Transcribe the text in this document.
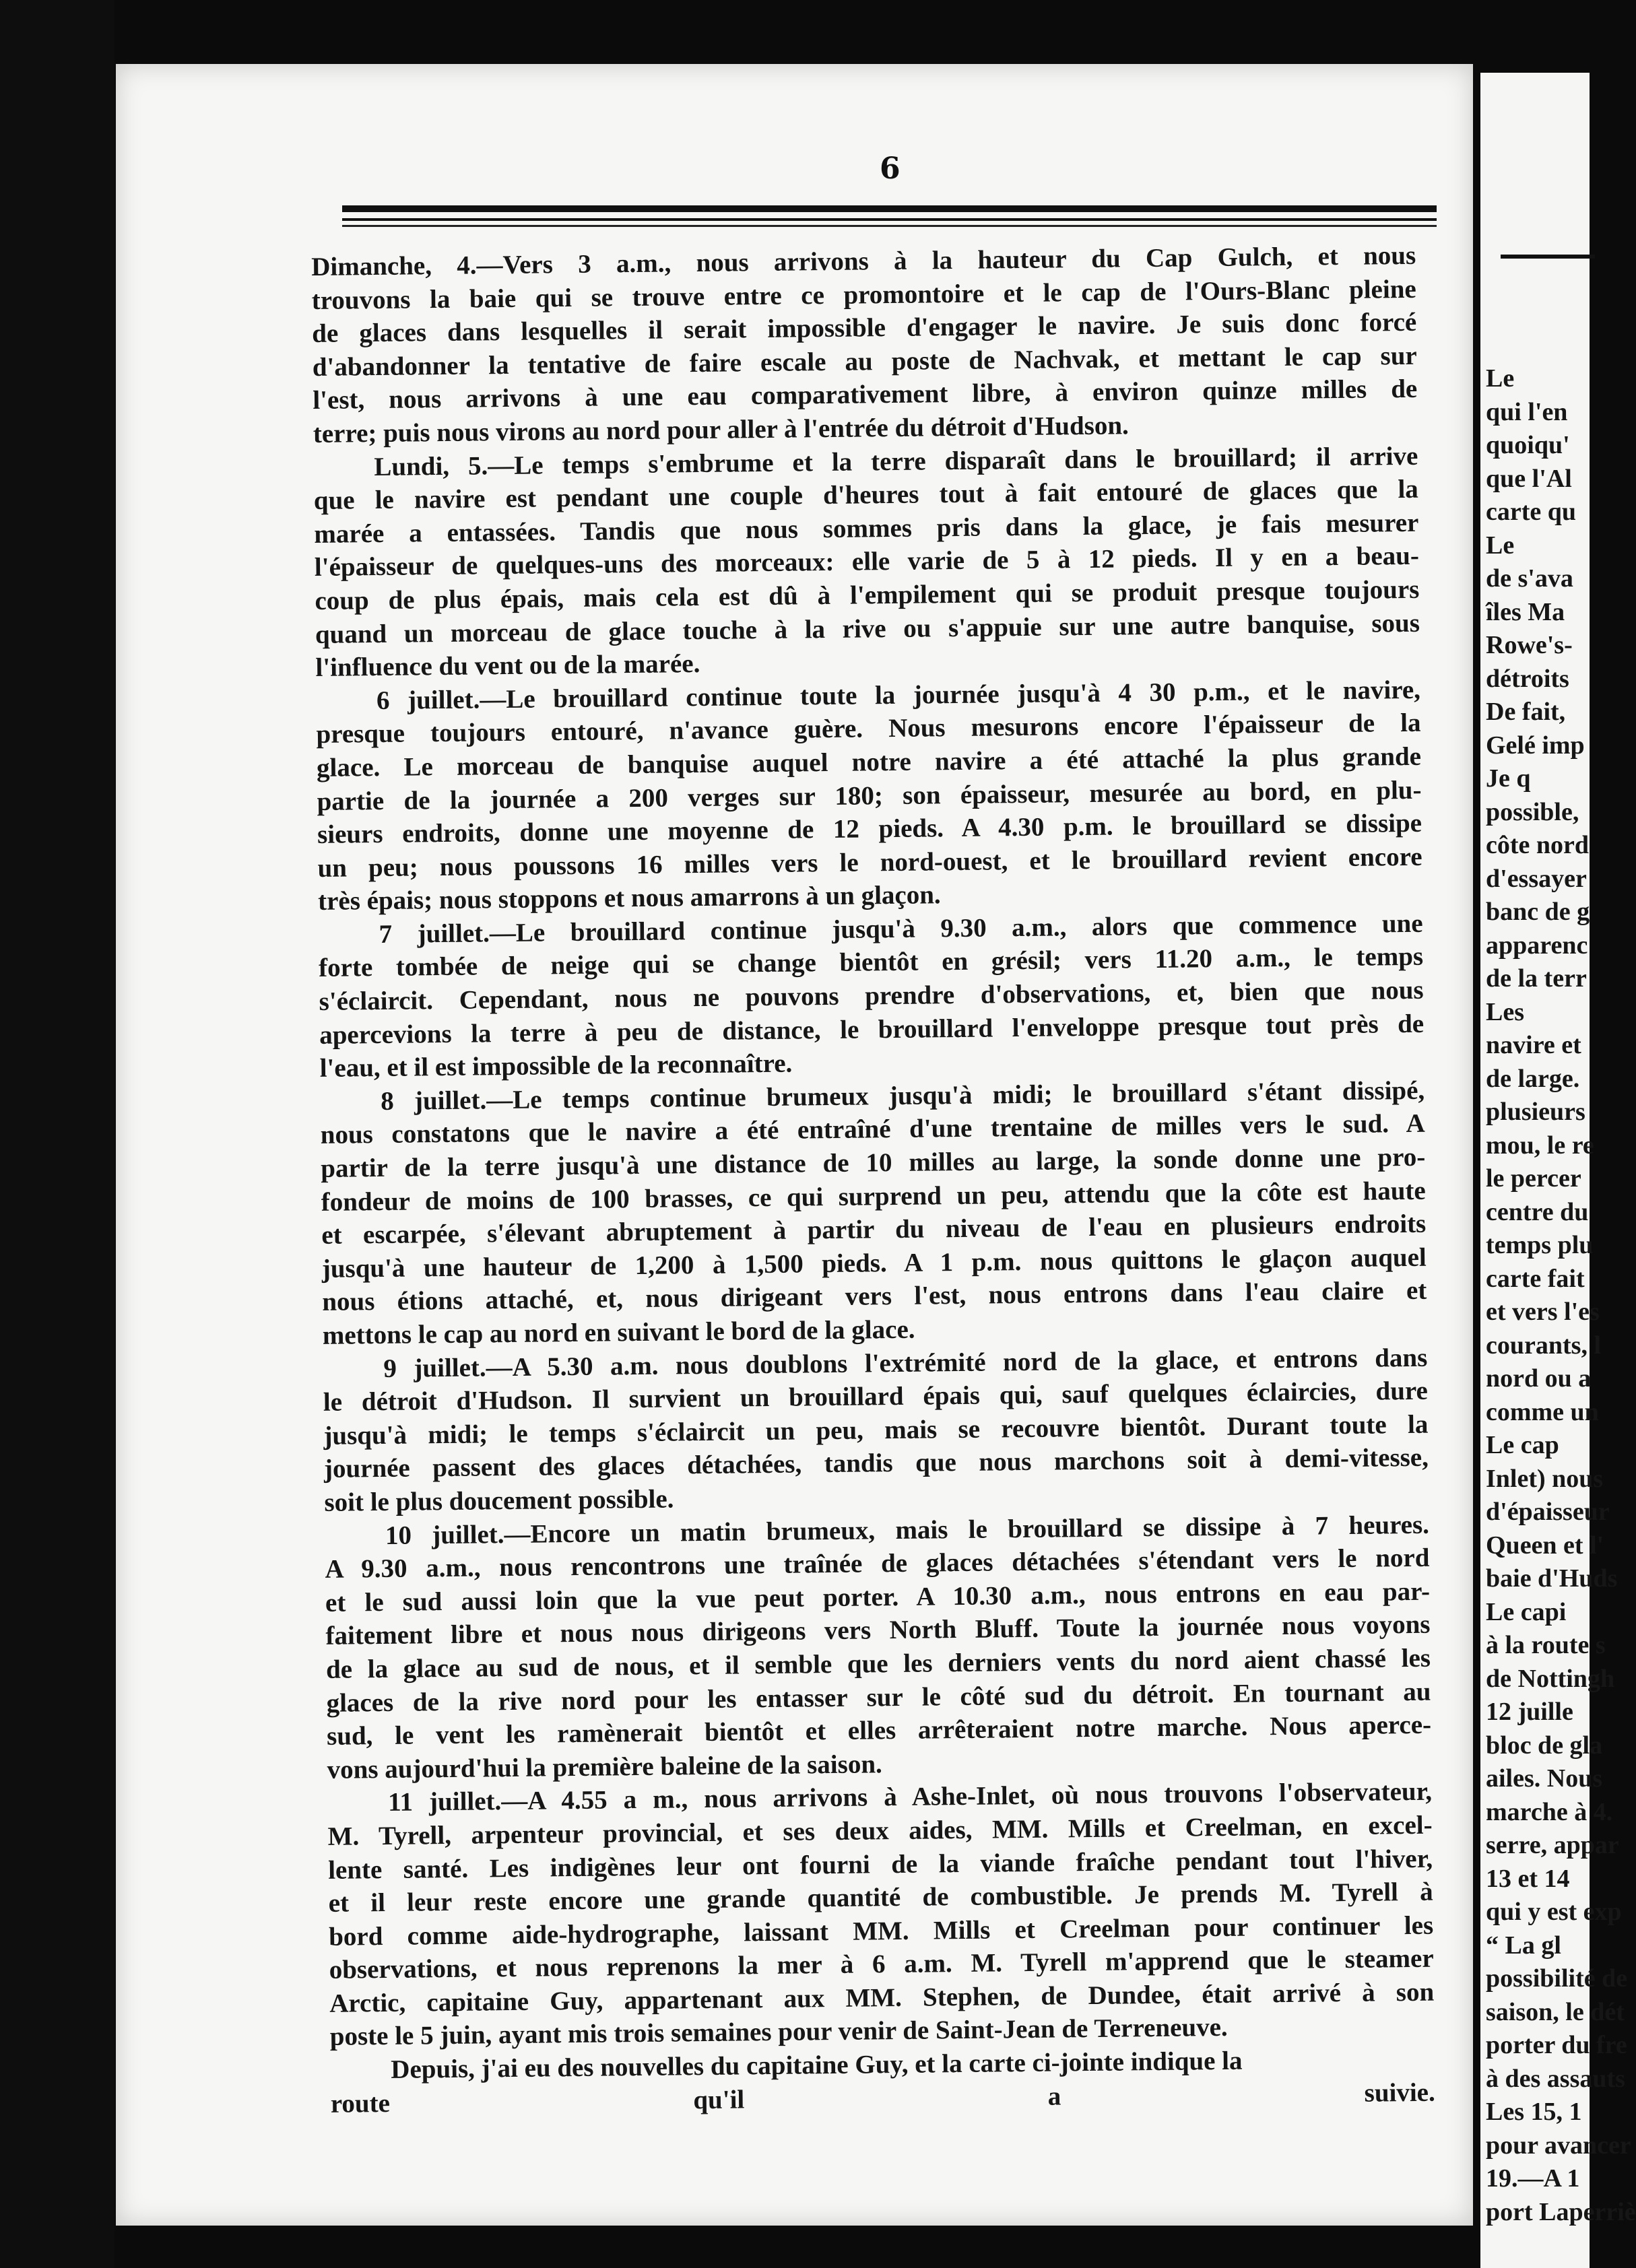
6
Dimanche, 4.—Vers 3 a.m., nous arrivons à la hauteur du Cap Gulch, et nous
trouvons la baie qui se trouve entre ce promontoire et le cap de l'Ours-Blanc pleine
de glaces dans lesquelles il serait impossible d'engager le navire. Je suis donc forcé
d'abandonner la tentative de faire escale au poste de Nachvak, et mettant le cap sur
l'est, nous arrivons à une eau comparativement libre, à environ quinze milles de
terre; puis nous virons au nord pour aller à l'entrée du détroit d'Hudson.
Lundi, 5.—Le temps s'embrume et la terre disparaît dans le brouillard; il arrive
que le navire est pendant une couple d'heures tout à fait entouré de glaces que la
marée a entassées. Tandis que nous sommes pris dans la glace, je fais mesurer
l'épaisseur de quelques-uns des morceaux: elle varie de 5 à 12 pieds. Il y en a beau-
coup de plus épais, mais cela est dû à l'empilement qui se produit presque toujours
quand un morceau de glace touche à la rive ou s'appuie sur une autre banquise, sous
l'influence du vent ou de la marée.
6 juillet.—Le brouillard continue toute la journée jusqu'à 4 30 p.m., et le navire,
presque toujours entouré, n'avance guère. Nous mesurons encore l'épaisseur de la
glace. Le morceau de banquise auquel notre navire a été attaché la plus grande
partie de la journée a 200 verges sur 180; son épaisseur, mesurée au bord, en plu-
sieurs endroits, donne une moyenne de 12 pieds. A 4.30 p.m. le brouillard se dissipe
un peu; nous poussons 16 milles vers le nord-ouest, et le brouillard revient encore
très épais; nous stoppons et nous amarrons à un glaçon.
7 juillet.—Le brouillard continue jusqu'à 9.30 a.m., alors que commence une
forte tombée de neige qui se change bientôt en grésil; vers 11.20 a.m., le temps
s'éclaircit. Cependant, nous ne pouvons prendre d'observations, et, bien que nous
apercevions la terre à peu de distance, le brouillard l'enveloppe presque tout près de
l'eau, et il est impossible de la reconnaître.
8 juillet.—Le temps continue brumeux jusqu'à midi; le brouillard s'étant dissipé,
nous constatons que le navire a été entraîné d'une trentaine de milles vers le sud. A
partir de la terre jusqu'à une distance de 10 milles au large, la sonde donne une pro-
fondeur de moins de 100 brasses, ce qui surprend un peu, attendu que la côte est haute
et escarpée, s'élevant abruptement à partir du niveau de l'eau en plusieurs endroits
jusqu'à une hauteur de 1,200 à 1,500 pieds. A 1 p.m. nous quittons le glaçon auquel
nous étions attaché, et, nous dirigeant vers l'est, nous entrons dans l'eau claire et
mettons le cap au nord en suivant le bord de la glace.
9 juillet.—A 5.30 a.m. nous doublons l'extrémité nord de la glace, et entrons dans
le détroit d'Hudson. Il survient un brouillard épais qui, sauf quelques éclaircies, dure
jusqu'à midi; le temps s'éclaircit un peu, mais se recouvre bientôt. Durant toute la
journée passent des glaces détachées, tandis que nous marchons soit à demi-vitesse,
soit le plus doucement possible.
10 juillet.—Encore un matin brumeux, mais le brouillard se dissipe à 7 heures.
A 9.30 a.m., nous rencontrons une traînée de glaces détachées s'étendant vers le nord
et le sud aussi loin que la vue peut porter. A 10.30 a.m., nous entrons en eau par-
faitement libre et nous nous dirigeons vers North Bluff. Toute la journée nous voyons
de la glace au sud de nous, et il semble que les derniers vents du nord aient chassé les
glaces de la rive nord pour les entasser sur le côté sud du détroit. En tournant au
sud, le vent les ramènerait bientôt et elles arrêteraient notre marche. Nous aperce-
vons aujourd'hui la première baleine de la saison.
11 juillet.—A 4.55 a m., nous arrivons à Ashe-Inlet, où nous trouvons l'observateur,
M. Tyrell, arpenteur provincial, et ses deux aides, MM. Mills et Creelman, en excel-
lente santé. Les indigènes leur ont fourni de la viande fraîche pendant tout l'hiver,
et il leur reste encore une grande quantité de combustible. Je prends M. Tyrell à
bord comme aide-hydrographe, laissant MM. Mills et Creelman pour continuer les
observations, et nous reprenons la mer à 6 a.m. M. Tyrell m'apprend que le steamer
Arctic, capitaine Guy, appartenant aux MM. Stephen, de Dundee, était arrivé à son
poste le 5 juin, ayant mis trois semaines pour venir de Saint-Jean de Terreneuve.
Depuis, j'ai eu des nouvelles du capitaine Guy, et la carte ci-jointe indique la
route qu'il a suivie.
Le
qui l'en
quoiqu'
que l'Al
carte qu
Le
de s'ava
îles Ma
Rowe's-
détroits
De fait,
Gelé imp
Je q
possible,
côte nord
d'essayer
banc de g
apparenc
de la terr
Les
navire et
de large.
plusieurs
mou, le re
le percer
centre du
temps plu
carte fait
et vers l'es
courants, l
nord ou a
comme un
Le cap
Inlet) nous
d'épaisseur
Queen et l'
baie d'Huds
Le capi
à la route s
de Nottingh
12 juille
bloc de gla
ailes. Nous
marche à 4.
serre, appar
13 et 14
qui y est exp
“ La gl
possibilité de
saison, le dét
porter du fre
à des assauts
Les 15, 1
pour avancer
19.—A 1
port Laperriè
